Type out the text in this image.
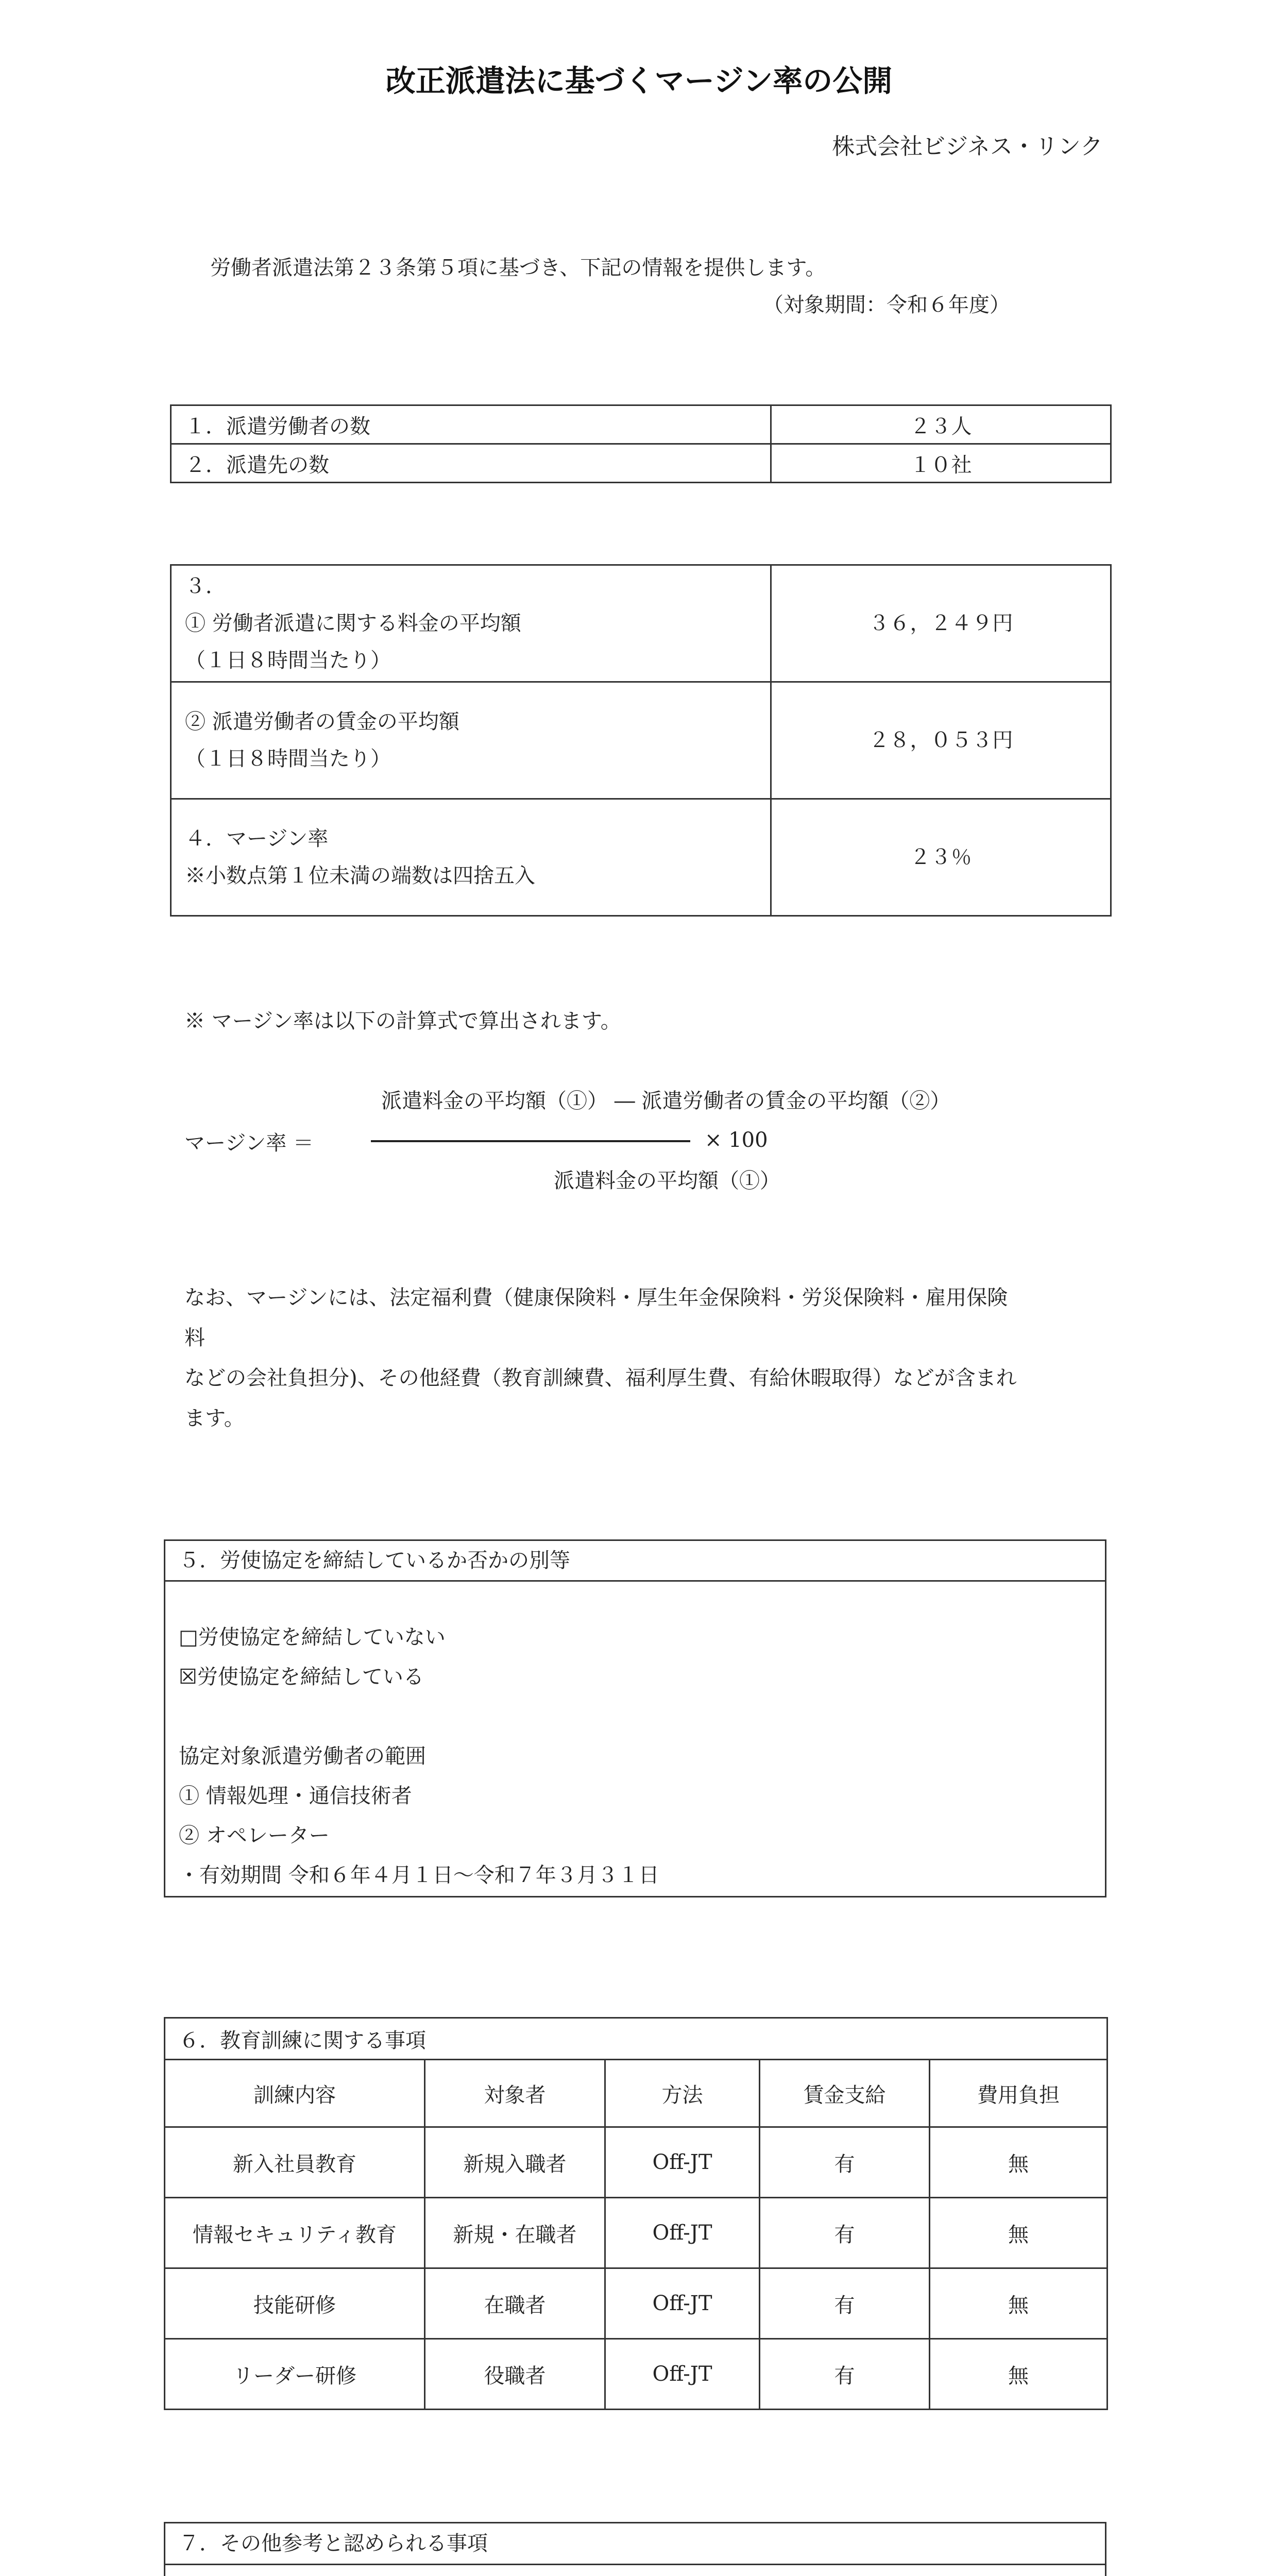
改正派遣法に基づくマージン率の公開
株式会社ビジネス・リンク
労働者派遣法第２３条第５項に基づき、下記の情報を提供します。
（対象期間：令和６年度）
１．派遣労働者の数	２３人
２．派遣先の数	１０社
３．
① 労働者派遣に関する料金の平均額
（１日８時間当たり）	３６，２４９円

② 派遣労働者の賃金の平均額
（１日８時間当たり）	２８，０５３円

４．マージン率
※小数点第１位未満の端数は四捨五入	２３％
※ マージン率は以下の計算式で算出されます。
派遣料金の平均額（①） ― 派遣労働者の賃金の平均額（②）
マージン率 ＝	× 100
派遣料金の平均額（①）
なお、マージンには、法定福利費（健康保険料・厚生年金保険料・労災保険料・雇用保険
料
などの会社負担分)、その他経費（教育訓練費、福利厚生費、有給休暇取得）などが含まれ
ます。
５．労使協定を締結しているか否かの別等
□労使協定を締結していない
☒労使協定を締結している
協定対象派遣労働者の範囲
① 情報処理・通信技術者
② オペレーター
・有効期間 令和６年４月１日～令和７年３月３１日
６．教育訓練に関する事項				
訓練内容	対象者	方法	賃金支給	費用負担
新入社員教育	新規入職者	Off-JT	有	無
情報セキュリティ教育	新規・在職者	Off-JT	有	無
技能研修	在職者	Off-JT	有	無
リーダー研修	役職者	Off-JT	有	無
７．その他参考と認められる事項
